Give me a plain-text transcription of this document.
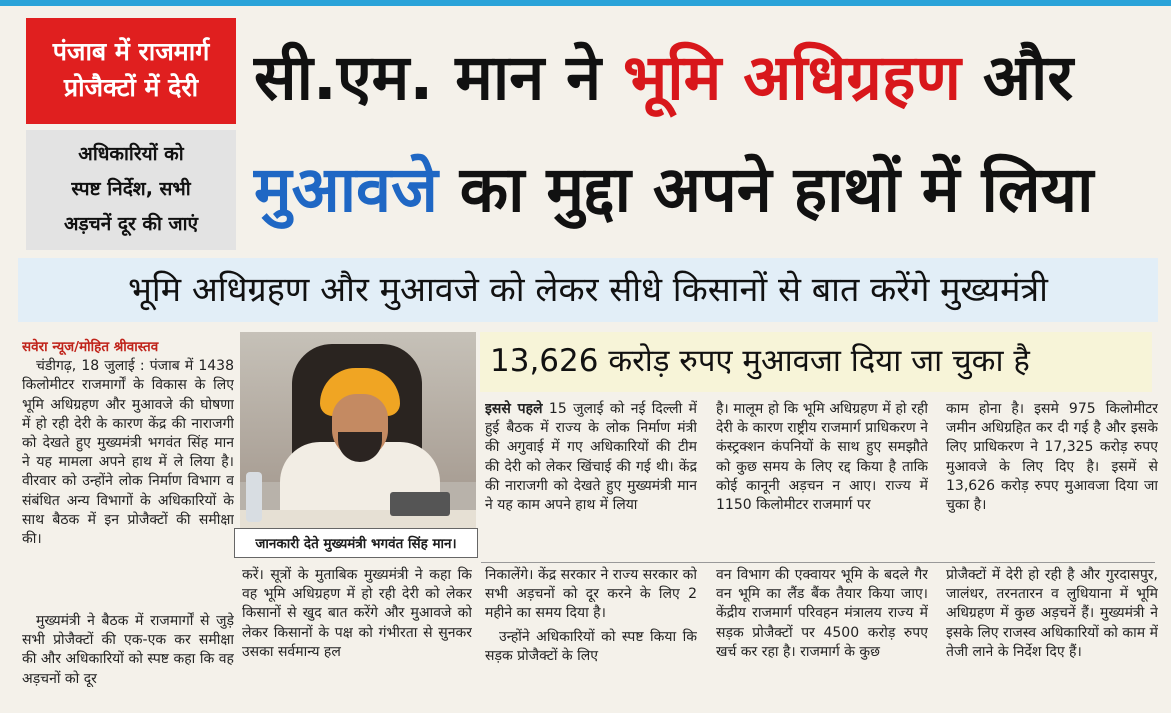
पंजाब में राजमार्ग
प्रोजैक्टों में देरी
अधिकारियों को
स्पष्ट निर्देश, सभी
अड़चनें दूर की जाएं
सी.एम. मान ने भूमि अधिग्रहण और
मुआवजे का मुद्दा अपने हाथों में लिया
भूमि अधिग्रहण और मुआवजे को लेकर सीधे किसानों से बात करेंगे मुख्यमंत्री
सवेरा न्यूज/मोहित श्रीवास्तव
चंडीगढ़, 18 जुलाई : पंजाब में 1438 किलोमीटर राजमार्गों के विकास के लिए भूमि अधिग्रहण और मुआवजे की घोषणा में हो रही देरी के कारण केंद्र की नाराजगी को देखते हुए मुख्यमंत्री भगवंत सिंह मान ने यह मामला अपने हाथ में ले लिया है। वीरवार को उन्होंने लोक निर्माण विभाग व संबंधित अन्य विभागों के अधिकारियों के साथ बैठक में इन प्रोजैक्टों की समीक्षा की।
मुख्यमंत्री ने बैठक में राजमार्गों से जुड़े सभी प्रोजैक्टों की एक-एक कर समीक्षा की और अधिकारियों को स्पष्ट कहा कि वह अड़चनों को दूर
जानकारी देते मुख्यमंत्री भगवंत सिंह मान।
करें। सूत्रों के मुताबिक मुख्यमंत्री ने कहा कि वह भूमि अधिग्रहण में हो रही देरी को लेकर किसानों से खुद बात करेंगे और मुआवजे को लेकर किसानों के पक्ष को गंभीरता से सुनकर उसका सर्वमान्य हल
13,626 करोड़ रुपए मुआवजा दिया जा चुका है
इससे पहले 15 जुलाई को नई दिल्ली में हुई बैठक में राज्य के लोक निर्माण मंत्री की अगुवाई में गए अधिकारियों की टीम की देरी को लेकर खिंचाई की गई थी। केंद्र की नाराजगी को देखते हुए मुख्यमंत्री मान ने यह काम अपने हाथ में लिया
है। मालूम हो कि भूमि अधिग्रहण में हो रही देरी के कारण राष्ट्रीय राजमार्ग प्राधिकरण ने कंस्ट्रक्शन कंपनियों के साथ हुए समझौते को कुछ समय के लिए रद्द किया है ताकि कोई कानूनी अड़चन न आए। राज्य में 1150 किलोमीटर राजमार्ग पर
काम होना है। इसमे 975 किलोमीटर जमीन अधिग्रहित कर दी गई है और इसके लिए प्राधिकरण ने 17,325 करोड़ रुपए मुआवजे के लिए दिए है। इसमें से 13,626 करोड़ रुपए मुआवजा दिया जा चुका है।
निकालेंगे। केंद्र सरकार ने राज्य सरकार को सभी अड़चनों को दूर करने के लिए 2 महीने का समय दिया है।
उन्होंने अधिकारियों को स्पष्ट किया कि सड़क प्रोजैक्टों के लिए
वन विभाग की एक्वायर भूमि के बदले गैर वन भूमि का लैंड बैंक तैयार किया जाए। केंद्रीय राजमार्ग परिवहन मंत्रालय राज्य में सड़क प्रोजैक्टों पर 4500 करोड़ रुपए खर्च कर रहा है। राजमार्ग के कुछ
प्रोजैक्टों में देरी हो रही है और गुरदासपुर, जालंधर, तरनतारन व लुधियाना में भूमि अधिग्रहण में कुछ अड़चनें हैं। मुख्यमंत्री ने इसके लिए राजस्व अधिकारियों को काम में तेजी लाने के निर्देश दिए हैं।
